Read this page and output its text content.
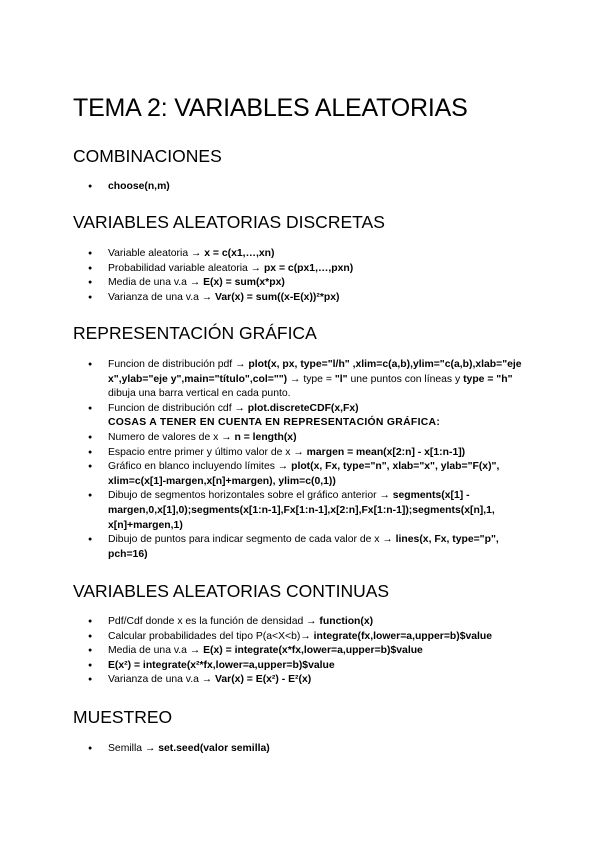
TEMA 2: VARIABLES ALEATORIAS
COMBINACIONES
● choose(n,m)
VARIABLES ALEATORIAS DISCRETAS
● Variable aleatoria → x = c(x1,…,xn)
● Probabilidad variable aleatoria → px = c(px1,…,pxn)
● Media de una v.a → E(x) = sum(x*px)
● Varianza de una v.a → Var(x) = sum((x-E(x))²*px)
REPRESENTACIÓN GRÁFICA
● Funcion de distribución pdf → plot(x, px, type="l/h" ,xlim=c(a,b),ylim="c(a,b),xlab="eje x",ylab="eje y",main="título",col="") → type = "l" une puntos con líneas y type = "h" dibuja una barra vertical en cada punto.
● Funcion de distribución cdf → plot.discreteCDF(x,Fx)
COSAS A TENER EN CUENTA EN REPRESENTACIÓN GRÁFICA:
● Numero de valores de x → n = length(x)
● Espacio entre primer y último valor de x → margen = mean(x[2:n] - x[1:n-1])
● Gráfico en blanco incluyendo límites → plot(x, Fx, type="n", xlab="x", ylab="F(x)", xlim=c(x[1]-margen,x[n]+margen), ylim=c(0,1))
● Dibujo de segmentos horizontales sobre el gráfico anterior → segments(x[1] -margen,0,x[1],0);segments(x[1:n-1],Fx[1:n-1],x[2:n],Fx[1:n-1]);segments(x[n],1, x[n]+margen,1)
● Dibujo de puntos para indicar segmento de cada valor de x → lines(x, Fx, type="p", pch=16)
VARIABLES ALEATORIAS CONTINUAS
● Pdf/Cdf donde x es la función de densidad → function(x)
● Calcular probabilidades del tipo P(a<X<b)→ integrate(fx,lower=a,upper=b)$value
● Media de una v.a → E(x) = integrate(x*fx,lower=a,upper=b)$value
● E(x²) = integrate(x²*fx,lower=a,upper=b)$value
● Varianza de una v.a → Var(x) = E(x²) - E²(x)
MUESTREO
● Semilla → set.seed(valor semilla)
